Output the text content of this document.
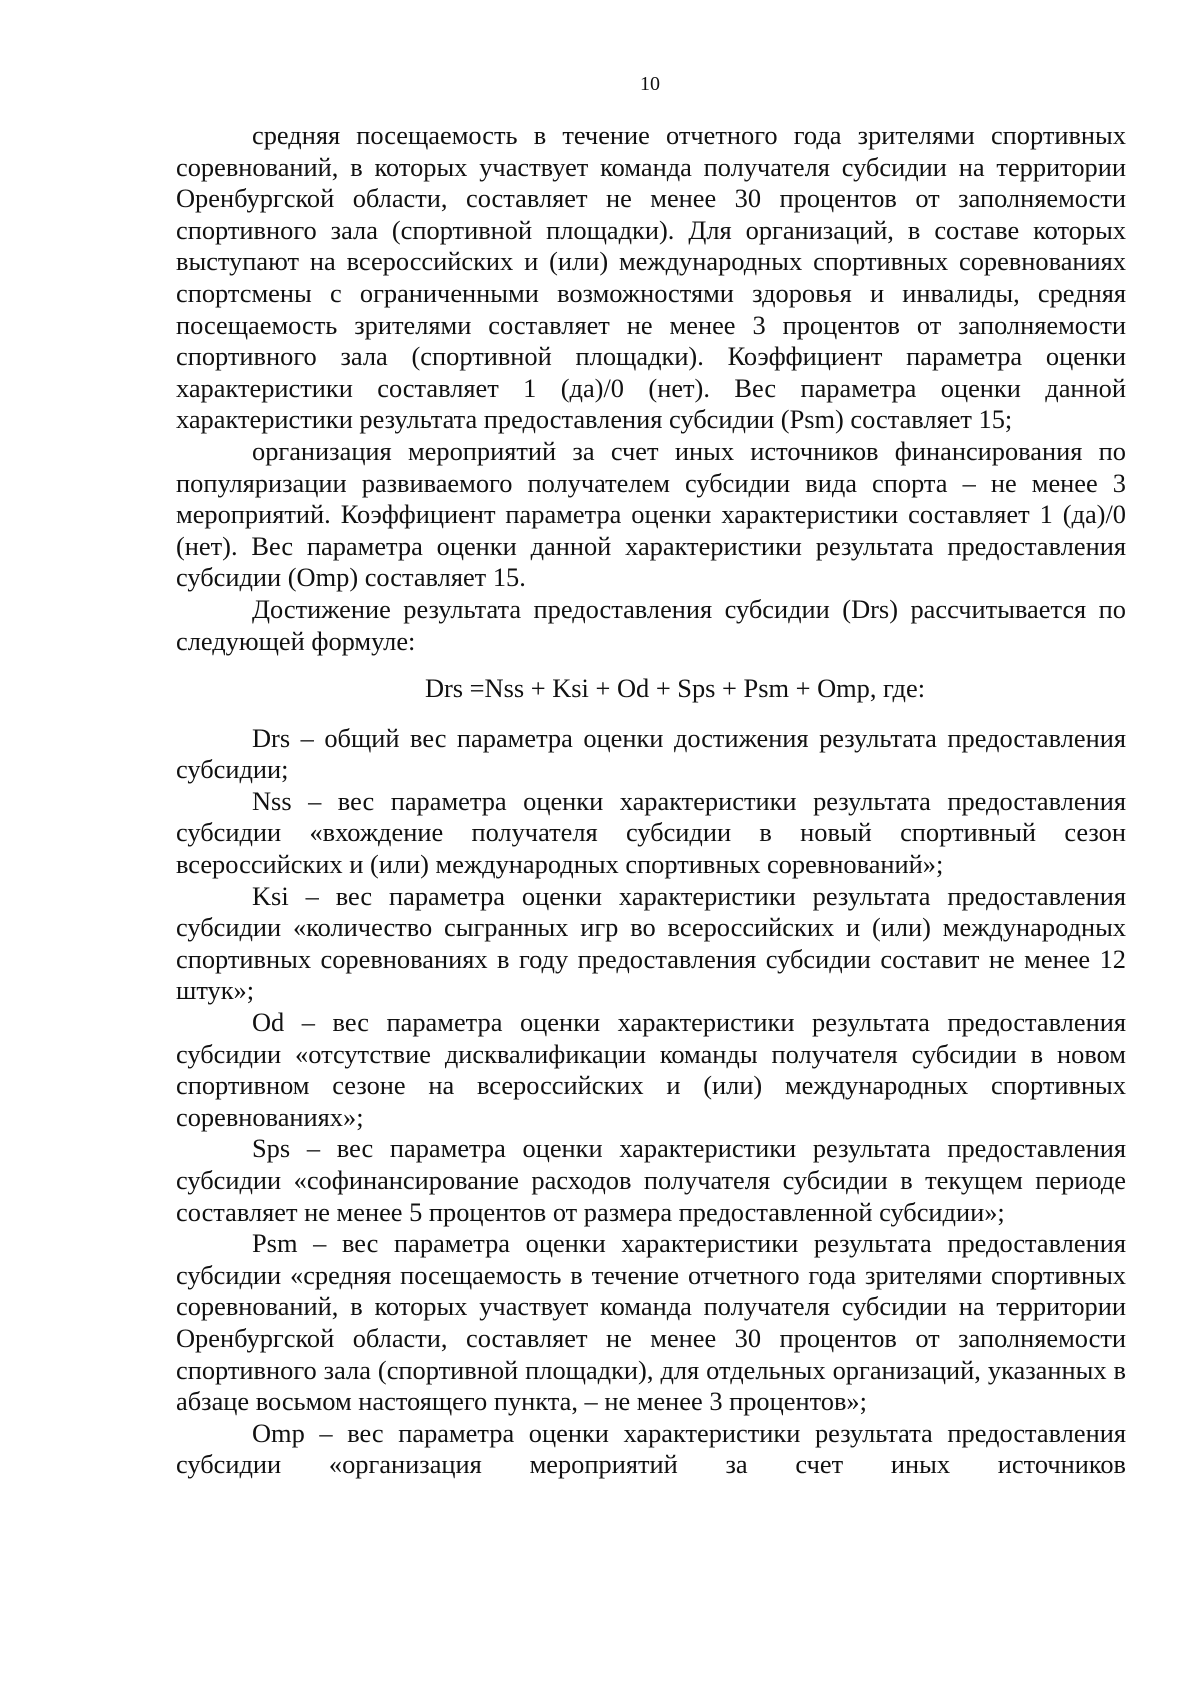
10

средняя посещаемость в течение отчетного года зрителями спортивных соревнований, в которых участвует команда получателя субсидии на территории Оренбургской области, составляет не менее 30 процентов от заполняемости спортивного зала (спортивной площадки). Для организаций, в составе которых выступают на всероссийских и (или) международных спортивных соревнованиях спортсмены с ограниченными возможностями здоровья и инвалиды, средняя посещаемость зрителями составляет не менее 3 процентов от заполняемости спортивного зала (спортивной площадки). Коэффициент параметра оценки характеристики составляет 1 (да)/0 (нет). Вес параметра оценки данной характеристики результата предоставления субсидии (Psm) составляет 15;

организация мероприятий за счет иных источников финансирования по популяризации развиваемого получателем субсидии вида спорта – не менее 3 мероприятий. Коэффициент параметра оценки характеристики составляет 1 (да)/0 (нет). Вес параметра оценки данной характеристики результата предоставления субсидии (Omp) составляет 15.

Достижение результата предоставления субсидии (Drs) рассчитывается по следующей формуле:

Drs =Nss + Ksi + Od + Sps + Psm + Omp, где:

Drs – общий вес параметра оценки достижения результата предоставления субсидии;

Nss – вес параметра оценки характеристики результата предоставления субсидии «вхождение получателя субсидии в новый спортивный сезон всероссийских и (или) международных спортивных соревнований»;

Ksi – вес параметра оценки характеристики результата предоставления субсидии «количество сыгранных игр во всероссийских и (или) международных спортивных соревнованиях в году предоставления субсидии составит не менее 12 штук»;

Od – вес параметра оценки характеристики результата предоставления субсидии «отсутствие дисквалификации команды получателя субсидии в новом спортивном сезоне на всероссийских и (или) международных спортивных соревнованиях»;

Sps – вес параметра оценки характеристики результата предоставления субсидии «софинансирование расходов получателя субсидии в текущем периоде составляет не менее 5 процентов от размера предоставленной субсидии»;

Psm – вес параметра оценки характеристики результата предоставления субсидии «средняя посещаемость в течение отчетного года зрителями спортивных соревнований, в которых участвует команда получателя субсидии на территории Оренбургской области, составляет не менее 30 процентов от заполняемости спортивного зала (спортивной площадки), для отдельных организаций, указанных в абзаце восьмом настоящего пункта, – не менее 3 процентов»;

Omp – вес параметра оценки характеристики результата предоставления субсидии «организация мероприятий за счет иных источников
